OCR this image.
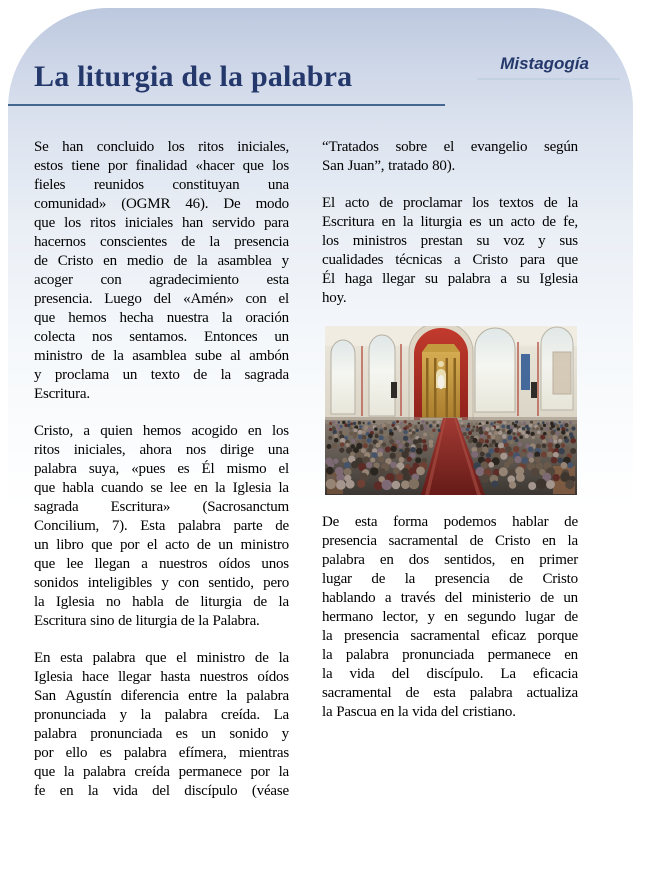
Mistagogía
La liturgia de la palabra
Se han concluido los ritos iniciales,
estos tiene por finalidad «hacer que los
fieles reunidos constituyan una
comunidad» (OGMR 46). De modo
que los ritos iniciales han servido para
hacernos conscientes de la presencia
de Cristo en medio de la asamblea y
acoger con agradecimiento esta
presencia. Luego del «Amén» con el
que hemos hecha nuestra la oración
colecta nos sentamos. Entonces un
ministro de la asamblea sube al ambón
y proclama un texto de la sagrada
Escritura.
Cristo, a quien hemos acogido en los
ritos iniciales, ahora nos dirige una
palabra suya, «pues es Él mismo el
que habla cuando se lee en la Iglesia la
sagrada Escritura» (Sacrosanctum
Concilium, 7). Esta palabra parte de
un libro que por el acto de un ministro
que lee llegan a nuestros oídos unos
sonidos inteligibles y con sentido, pero
la Iglesia no habla de liturgia de la
Escritura sino de liturgia de la Palabra.
En esta palabra que el ministro de la
Iglesia hace llegar hasta nuestros oídos
San Agustín diferencia entre la palabra
pronunciada y la palabra creída. La
palabra pronunciada es un sonido y
por ello es palabra efímera, mientras
que la palabra creída permanece por la
fe en la vida del discípulo (véase
“Tratados sobre el evangelio según
San Juan”, tratado 80).
El acto de proclamar los textos de la
Escritura en la liturgia es un acto de fe,
los ministros prestan su voz y sus
cualidades técnicas a Cristo para que
Él haga llegar su palabra a su Iglesia
hoy.
De esta forma podemos hablar de
presencia sacramental de Cristo en la
palabra en dos sentidos, en primer
lugar de la presencia de Cristo
hablando a través del ministerio de un
hermano lector, y en segundo lugar de
la presencia sacramental eficaz porque
la palabra pronunciada permanece en
la vida del discípulo. La eficacia
sacramental de esta palabra actualiza
la Pascua en la vida del cristiano.
